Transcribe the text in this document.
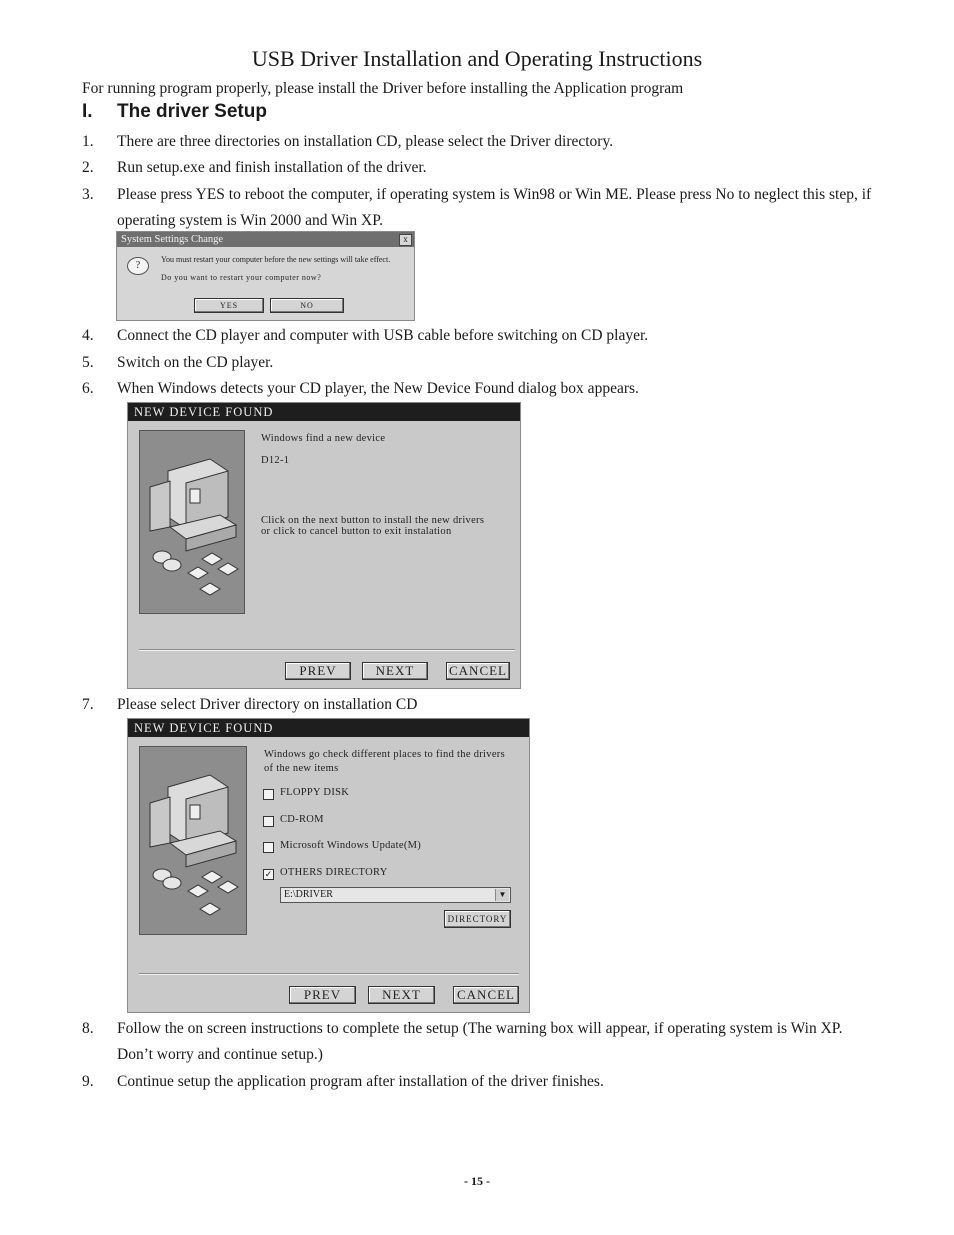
USB Driver Installation and Operating Instructions
For running program properly, please install the Driver before installing the Application program
I. The driver Setup
1.	There are three directories on installation CD, please select the Driver directory.
2.	Run setup.exe and finish installation of the driver.
3.	Please press YES to reboot the computer, if operating system is Win98 or Win ME. Please press No to neglect this step, if operating system is Win 2000 and Win XP.
System Settings Change	x
?
You must restart your computer before the new settings will take effect.
Do you want to restart your computer now?
YES	NO
4.	Connect the CD player and computer with USB cable before switching on CD player.
5.	Switch on the CD player.
6.	When Windows detects your CD player, the New Device Found dialog box appears.
NEW DEVICE FOUND
Windows find a new device
D12-1
Click on the next button to install the new drivers
or click to cancel button to exit instalation
PREV	NEXT	CANCEL
7.	Please select Driver directory on installation CD
NEW DEVICE FOUND
Windows go check different places to find the drivers
of the new items
FLOPPY DISK
CD-ROM
Microsoft Windows Update(M)
✓ OTHERS DIRECTORY
E:\DRIVER	▼
DIRECTORY
PREV	NEXT	CANCEL
8.	Follow the on screen instructions to complete the setup (The warning box will appear, if operating system is Win XP. Don’t worry and continue setup.)
9.	Continue setup the application program after installation of the driver finishes.
- 15 -
